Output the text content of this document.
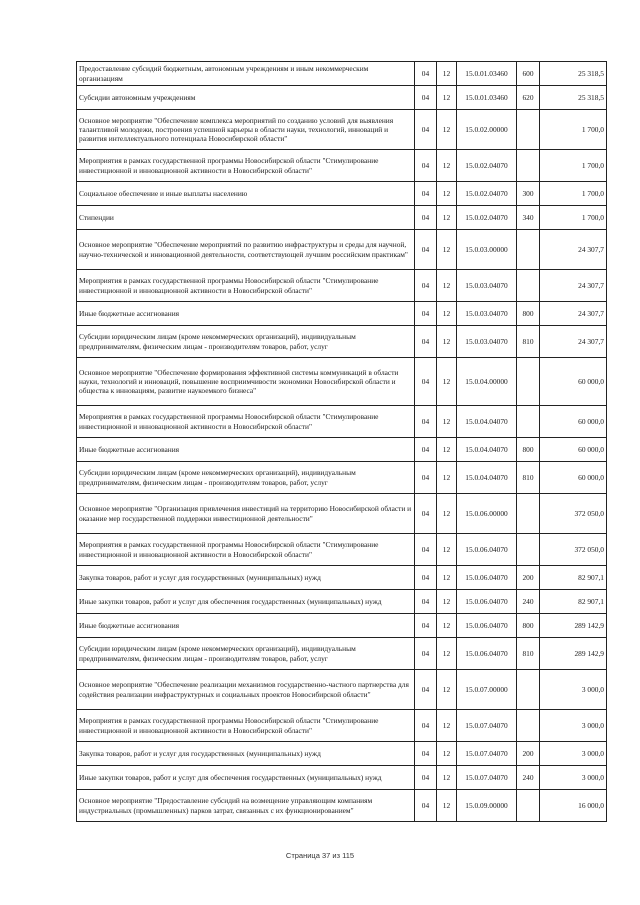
Предоставление субсидий бюджетным, автономным учреждениям и иным некоммерческим организациям	04	12	15.0.01.03460	600	25 318,5
Субсидии автономным учреждениям	04	12	15.0.01.03460	620	25 318,5
Основное мероприятие "Обеспечение комплекса мероприятий по созданию условий для выявления талантливой молодежи, построения успешной карьеры в области науки, технологий, инноваций и развития интеллектуального потенциала Новосибирской области"	04	12	15.0.02.00000		1 700,0
Мероприятия в рамках государственной программы Новосибирской области "Стимулирование инвестиционной и инновационной активности в Новосибирской области"	04	12	15.0.02.04070		1 700,0
Социальное обеспечение и иные выплаты населению	04	12	15.0.02.04070	300	1 700,0
Стипендии	04	12	15.0.02.04070	340	1 700,0
Основное мероприятие "Обеспечение мероприятий по развитию инфраструктуры и среды для научной, научно-технической и инновационной деятельности, соответствующей лучшим российским практикам"	04	12	15.0.03.00000		24 307,7
Мероприятия в рамках государственной программы Новосибирской области "Стимулирование инвестиционной и инновационной активности в Новосибирской области"	04	12	15.0.03.04070		24 307,7
Иные бюджетные ассигнования	04	12	15.0.03.04070	800	24 307,7
Субсидии юридическим лицам (кроме некоммерческих организаций), индивидуальным предпринимателям, физическим лицам - производителям товаров, работ, услуг	04	12	15.0.03.04070	810	24 307,7
Основное мероприятие "Обеспечение формирования эффективной системы коммуникаций в области науки, технологий и инноваций, повышение восприимчивости экономики Новосибирской области и общества к инновациям, развитие наукоемкого бизнеса"	04	12	15.0.04.00000		60 000,0
Мероприятия в рамках государственной программы Новосибирской области "Стимулирование инвестиционной и инновационной активности в Новосибирской области"	04	12	15.0.04.04070		60 000,0
Иные бюджетные ассигнования	04	12	15.0.04.04070	800	60 000,0
Субсидии юридическим лицам (кроме некоммерческих организаций), индивидуальным предпринимателям, физическим лицам - производителям товаров, работ, услуг	04	12	15.0.04.04070	810	60 000,0
Основное мероприятие "Организация привлечения инвестиций на территорию Новосибирской области и оказание мер государственной поддержки инвестиционной деятельности"	04	12	15.0.06.00000		372 050,0
Мероприятия в рамках государственной программы Новосибирской области "Стимулирование инвестиционной и инновационной активности в Новосибирской области"	04	12	15.0.06.04070		372 050,0
Закупка товаров, работ и услуг для государственных (муниципальных) нужд	04	12	15.0.06.04070	200	82 907,1
Иные закупки товаров, работ и услуг для обеспечения государственных (муниципальных) нужд	04	12	15.0.06.04070	240	82 907,1
Иные бюджетные ассигнования	04	12	15.0.06.04070	800	289 142,9
Субсидии юридическим лицам (кроме некоммерческих организаций), индивидуальным предпринимателям, физическим лицам - производителям товаров, работ, услуг	04	12	15.0.06.04070	810	289 142,9
Основное мероприятие "Обеспечение реализации механизмов государственно-частного партнерства для содействия реализации инфраструктурных и социальных проектов Новосибирской области"	04	12	15.0.07.00000		3 000,0
Мероприятия в рамках государственной программы Новосибирской области "Стимулирование инвестиционной и инновационной активности в Новосибирской области"	04	12	15.0.07.04070		3 000,0
Закупка товаров, работ и услуг для государственных (муниципальных) нужд	04	12	15.0.07.04070	200	3 000,0
Иные закупки товаров, работ и услуг для обеспечения государственных (муниципальных) нужд	04	12	15.0.07.04070	240	3 000,0
Основное мероприятие "Предоставление субсидий на возмещение управляющим компаниям индустриальных (промышленных) парков затрат, связанных с их функционированием"	04	12	15.0.09.00000		16 000,0
Страница 37 из 115
